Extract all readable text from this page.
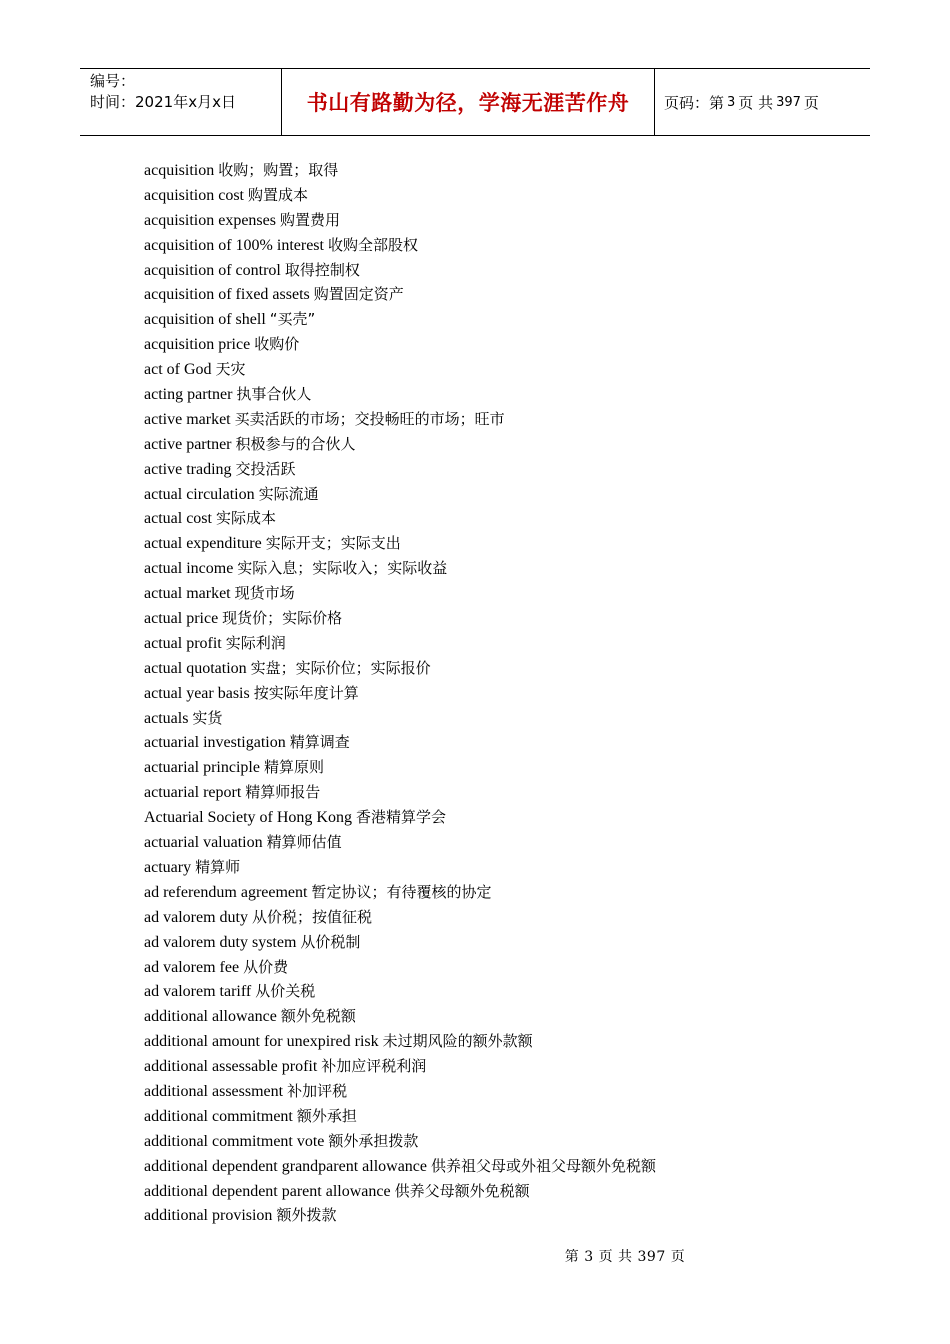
编号：
时间：2021年x月x日	书山有路勤为径，学海无涯苦作舟	页码：第 3 页 共 397 页
acquisition 收购；购置；取得
acquisition cost 购置成本
acquisition expenses 购置费用
acquisition of 100% interest 收购全部股权
acquisition of control 取得控制权
acquisition of fixed assets 购置固定资产
acquisition of shell “买壳”
acquisition price 收购价
act of God 天灾
acting partner 执事合伙人
active market 买卖活跃的市场；交投畅旺的市场；旺市
active partner 积极参与的合伙人
active trading 交投活跃
actual circulation 实际流通
actual cost 实际成本
actual expenditure 实际开支；实际支出
actual income 实际入息；实际收入；实际收益
actual market 现货市场
actual price 现货价；实际价格
actual profit 实际利润
actual quotation 实盘；实际价位；实际报价
actual year basis 按实际年度计算
actuals 实货
actuarial investigation 精算调查
actuarial principle 精算原则
actuarial report 精算师报告
Actuarial Society of Hong Kong 香港精算学会
actuarial valuation 精算师估值
actuary 精算师
ad referendum agreement 暂定协议；有待覆核的协定
ad valorem duty 从价税；按值征税
ad valorem duty system 从价税制
ad valorem fee 从价费
ad valorem tariff 从价关税
additional allowance 额外免税额
additional amount for unexpired risk 未过期风险的额外款额
additional assessable profit 补加应评税利润
additional assessment 补加评税
additional commitment 额外承担
additional commitment vote 额外承担拨款
additional dependent grandparent allowance 供养祖父母或外祖父母额外免税额
additional dependent parent allowance 供养父母额外免税额
additional provision 额外拨款
第 3 页 共 397 页
